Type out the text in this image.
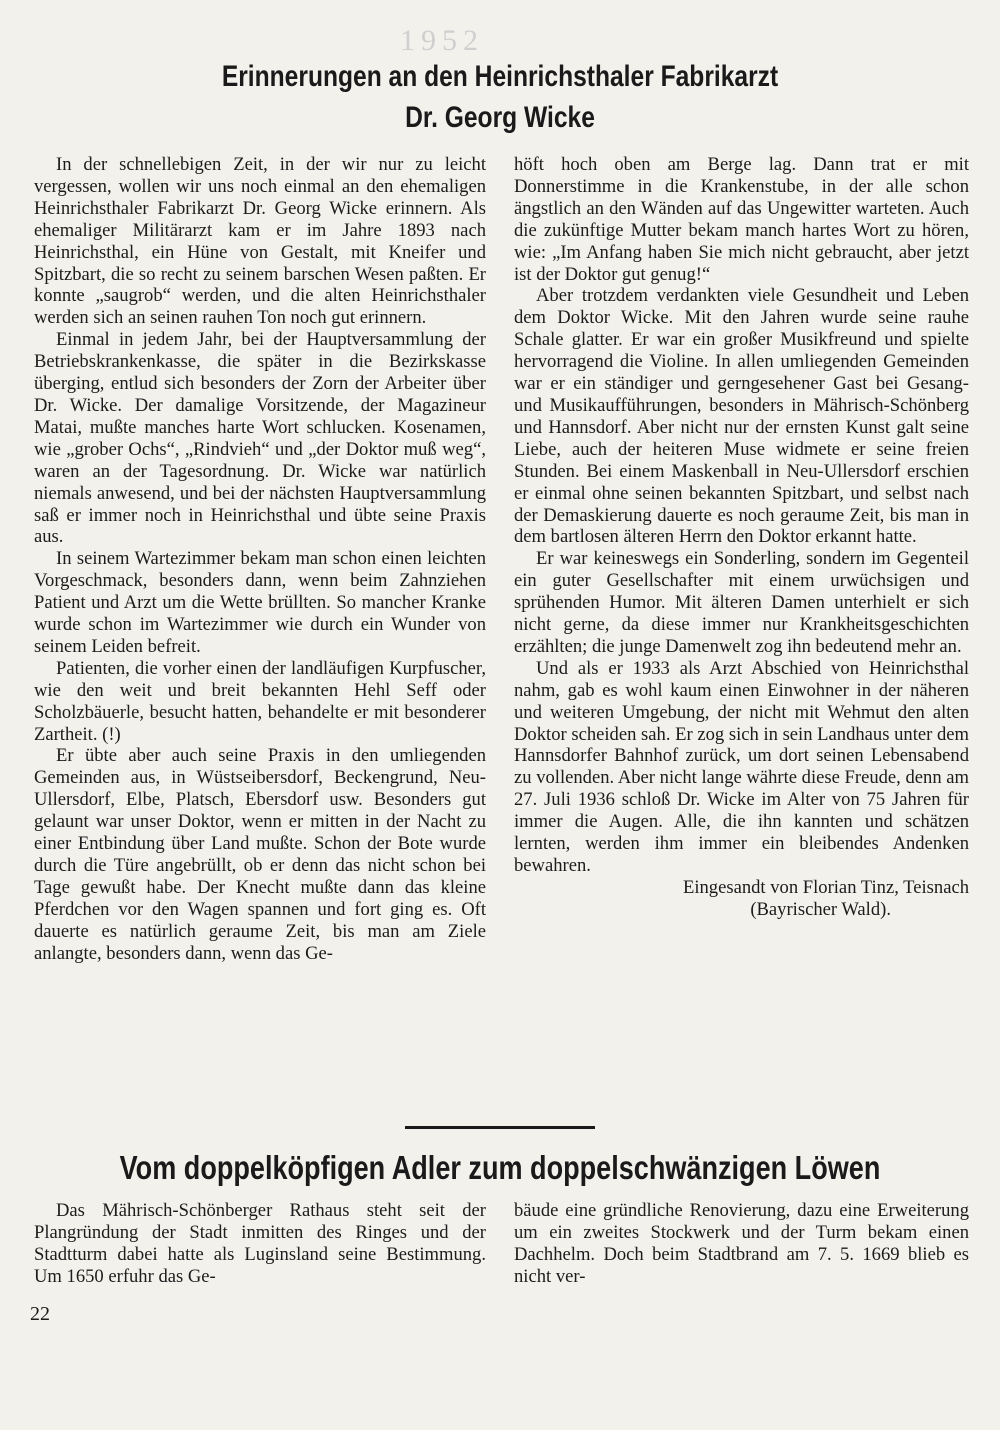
1952
Erinnerungen an den Heinrichsthaler Fabrikarzt
Dr. Georg Wicke

In der schnellebigen Zeit, in der wir nur zu leicht vergessen, wollen wir uns noch einmal an den ehemaligen Heinrichsthaler Fabrikarzt Dr. Georg Wicke erinnern. Als ehemaliger Militärarzt kam er im Jahre 1893 nach Heinrichsthal, ein Hüne von Gestalt, mit Kneifer und Spitzbart, die so recht zu seinem barschen Wesen paßten. Er konnte „saugrob“ werden, und die alten Heinrichsthaler werden sich an seinen rauhen Ton noch gut erinnern.

Einmal in jedem Jahr, bei der Hauptversammlung der Betriebskrankenkasse, die später in die Bezirkskasse überging, entlud sich besonders der Zorn der Arbeiter über Dr. Wicke. Der damalige Vorsitzende, der Magazineur Matai, mußte manches harte Wort schlucken. Kosenamen, wie „grober Ochs“, „Rindvieh“ und „der Doktor muß weg“, waren an der Tagesordnung. Dr. Wicke war natürlich niemals anwesend, und bei der nächsten Hauptversammlung saß er immer noch in Heinrichsthal und übte seine Praxis aus.

In seinem Wartezimmer bekam man schon einen leichten Vorgeschmack, besonders dann, wenn beim Zahnziehen Patient und Arzt um die Wette brüllten. So mancher Kranke wurde schon im Wartezimmer wie durch ein Wunder von seinem Leiden befreit.

Patienten, die vorher einen der landläufigen Kurpfuscher, wie den weit und breit bekannten Hehl Seff oder Scholzbäuerle, besucht hatten, behandelte er mit besonderer Zartheit. (!)

Er übte aber auch seine Praxis in den umliegenden Gemeinden aus, in Wüstseibersdorf, Beckengrund, Neu-Ullersdorf, Elbe, Platsch, Ebersdorf usw. Besonders gut gelaunt war unser Doktor, wenn er mitten in der Nacht zu einer Entbindung über Land mußte. Schon der Bote wurde durch die Türe angebrüllt, ob er denn das nicht schon bei Tage gewußt habe. Der Knecht mußte dann das kleine Pferdchen vor den Wagen spannen und fort ging es. Oft dauerte es natürlich geraume Zeit, bis man am Ziele anlangte, besonders dann, wenn das Ge-

höft hoch oben am Berge lag. Dann trat er mit Donnerstimme in die Krankenstube, in der alle schon ängstlich an den Wänden auf das Ungewitter warteten. Auch die zukünftige Mutter bekam manch hartes Wort zu hören, wie: „Im Anfang haben Sie mich nicht gebraucht, aber jetzt ist der Doktor gut genug!“

Aber trotzdem verdankten viele Gesundheit und Leben dem Doktor Wicke. Mit den Jahren wurde seine rauhe Schale glatter. Er war ein großer Musikfreund und spielte hervorragend die Violine. In allen umliegenden Gemeinden war er ein ständiger und gerngesehener Gast bei Gesang- und Musikaufführungen, besonders in Mährisch-Schönberg und Hannsdorf. Aber nicht nur der ernsten Kunst galt seine Liebe, auch der heiteren Muse widmete er seine freien Stunden. Bei einem Maskenball in Neu-Ullersdorf erschien er einmal ohne seinen bekannten Spitzbart, und selbst nach der Demaskierung dauerte es noch geraume Zeit, bis man in dem bartlosen älteren Herrn den Doktor erkannt hatte.

Er war keineswegs ein Sonderling, sondern im Gegenteil ein guter Gesellschafter mit einem urwüchsigen und sprühenden Humor. Mit älteren Damen unterhielt er sich nicht gerne, da diese immer nur Krankheitsgeschichten erzählten; die junge Damenwelt zog ihn bedeutend mehr an.

Und als er 1933 als Arzt Abschied von Heinrichsthal nahm, gab es wohl kaum einen Einwohner in der näheren und weiteren Umgebung, der nicht mit Wehmut den alten Doktor scheiden sah. Er zog sich in sein Landhaus unter dem Hannsdorfer Bahnhof zurück, um dort seinen Lebensabend zu vollenden. Aber nicht lange währte diese Freude, denn am 27. Juli 1936 schloß Dr. Wicke im Alter von 75 Jahren für immer die Augen. Alle, die ihn kannten und schätzen lernten, werden ihm immer ein bleibendes Andenken bewahren.

Eingesandt von Florian Tinz, Teisnach

(Bayrischer Wald).

Vom doppelköpfigen Adler zum doppelschwänzigen Löwen

Das Mährisch-Schönberger Rathaus steht seit der Plangründung der Stadt inmitten des Ringes und der Stadtturm dabei hatte als Luginsland seine Bestimmung. Um 1650 erfuhr das Ge-

bäude eine gründliche Renovierung, dazu eine Erweiterung um ein zweites Stockwerk und der Turm bekam einen Dachhelm. Doch beim Stadtbrand am 7. 5. 1669 blieb es nicht ver-

22
